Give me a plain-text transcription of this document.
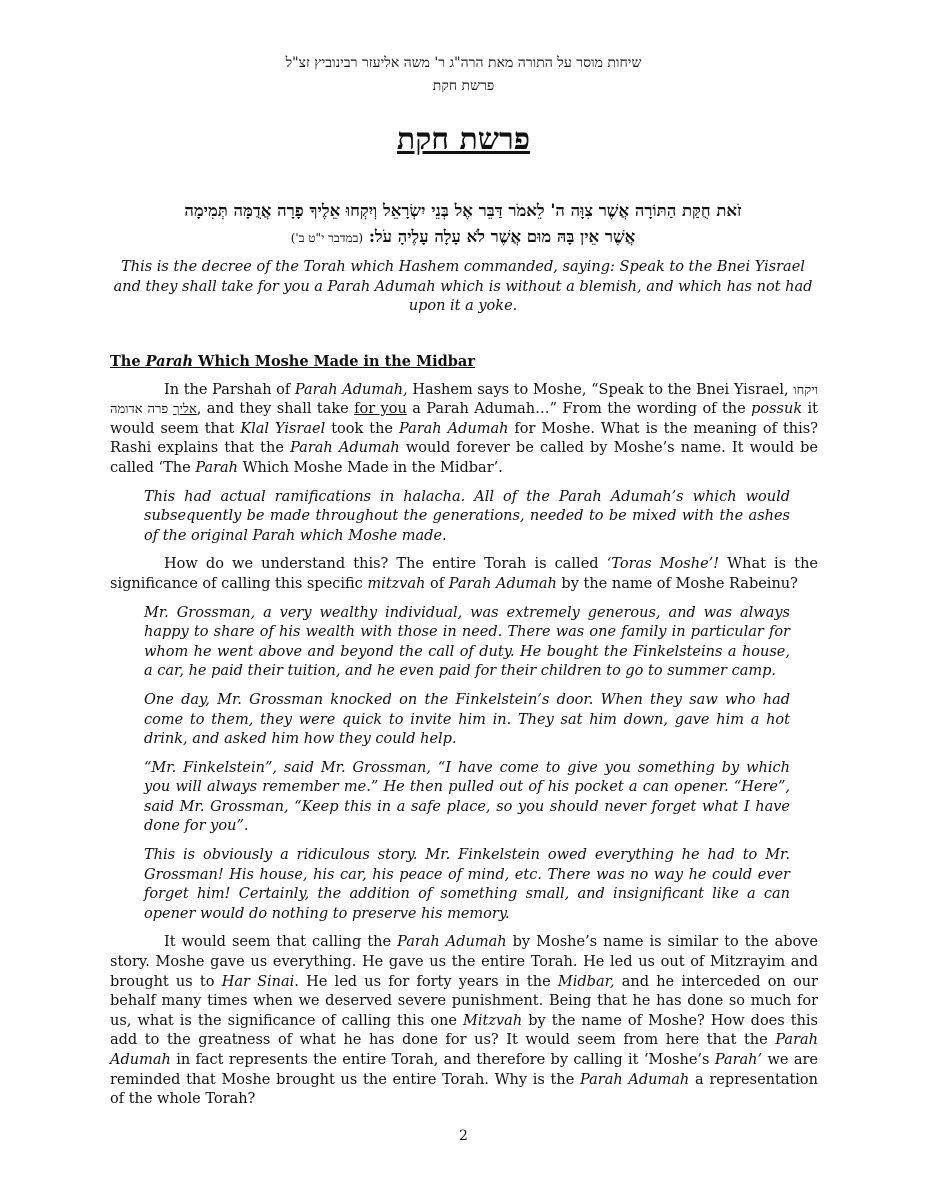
שיחות מוסר על התורה מאת הרה"ג ר' משה אליעזר רבינוביץ זצ"ל
פרשת חקת
פרשת חקת
זֹאת חֻקַּת הַתּוֹרָה אֲשֶׁר צִוָּה ה' לֵאמֹר דַּבֵּר אֶל בְּנֵי יִשְׂרָאֵל וְיִקְחוּ אֵלֶיךָ פָרָה אֲדֻמָּה תְּמִימָה
אֲשֶׁר אֵין בָּהּ מוּם אֲשֶׁר לֹא עָלָה עָלֶיהָ עֹל: (במדבר י"ט ב')
This is the decree of the Torah which Hashem commanded, saying: Speak to the Bnei Yisrael and they shall take for you a Parah Adumah which is without a blemish, and which has not had upon it a yoke.
The Parah Which Moshe Made in the Midbar

In the Parshah of Parah Adumah, Hashem says to Moshe, “Speak to the Bnei Yisrael, ויקחו אליך פרה אדומה , and they shall take for you a Parah Adumah…” From the wording of the possuk it would seem that Klal Yisrael took the Parah Adumah for Moshe. What is the meaning of this? Rashi explains that the Parah Adumah would forever be called by Moshe’s name. It would be called ‘The Parah Which Moshe Made in the Midbar’.

This had actual ramifications in halacha. All of the Parah Adumah’s which would subsequently be made throughout the generations, needed to be mixed with the ashes of the original Parah which Moshe made.

How do we understand this? The entire Torah is called ‘Toras Moshe’! What is the significance of calling this specific mitzvah of Parah Adumah by the name of Moshe Rabeinu?

Mr. Grossman, a very wealthy individual, was extremely generous, and was always happy to share of his wealth with those in need. There was one family in particular for whom he went above and beyond the call of duty. He bought the Finkelsteins a house, a car, he paid their tuition, and he even paid for their children to go to summer camp.

One day, Mr. Grossman knocked on the Finkelstein’s door. When they saw who had come to them, they were quick to invite him in. They sat him down, gave him a hot drink, and asked him how they could help.

“Mr. Finkelstein”, said Mr. Grossman, “I have come to give you something by which you will always remember me.” He then pulled out of his pocket a can opener. “Here”, said Mr. Grossman, “Keep this in a safe place, so you should never forget what I have done for you”.

This is obviously a ridiculous story. Mr. Finkelstein owed everything he had to Mr. Grossman! His house, his car, his peace of mind, etc. There was no way he could ever forget him! Certainly, the addition of something small, and insignificant like a can opener would do nothing to preserve his memory.

It would seem that calling the Parah Adumah by Moshe’s name is similar to the above story. Moshe gave us everything. He gave us the entire Torah. He led us out of Mitzrayim and brought us to Har Sinai. He led us for forty years in the Midbar, and he interceded on our behalf many times when we deserved severe punishment. Being that he has done so much for us, what is the significance of calling this one Mitzvah by the name of Moshe? How does this add to the greatness of what he has done for us? It would seem from here that the Parah Adumah in fact represents the entire Torah, and therefore by calling it ‘Moshe’s Parah’ we are reminded that Moshe brought us the entire Torah. Why is the Parah Adumah a representation of the whole Torah?

2
